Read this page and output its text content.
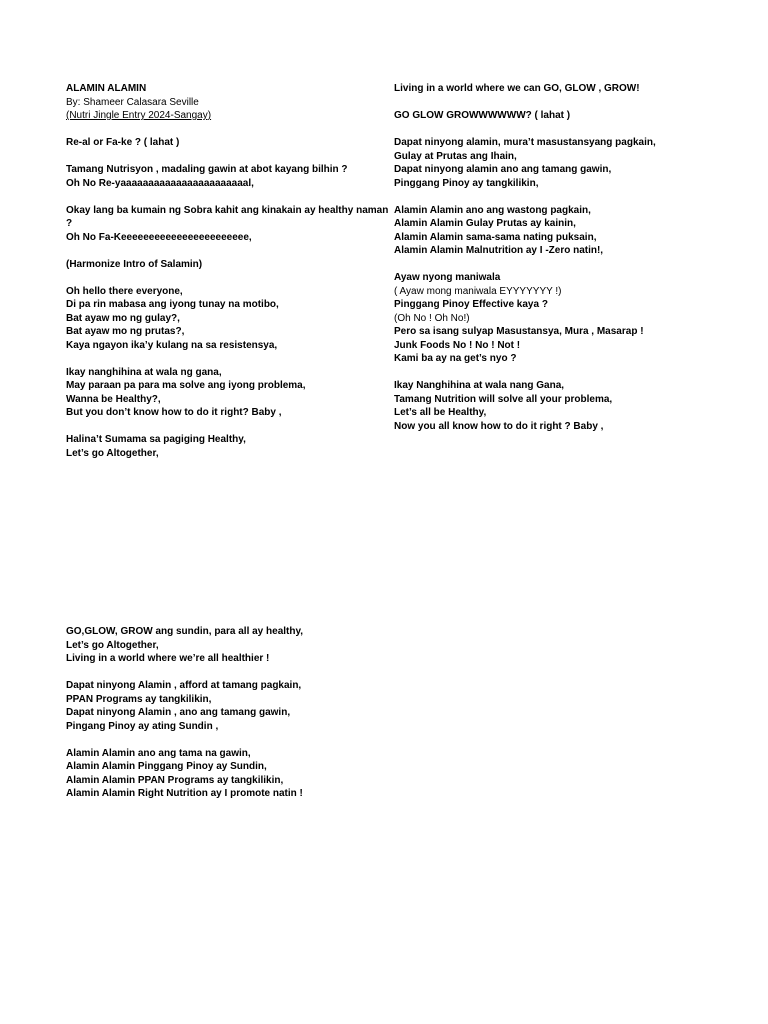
ALAMIN ALAMIN
By: Shameer Calasara Seville
(Nutri Jingle Entry 2024-Sangay)
Re-al or Fa-ke ? ( lahat )
Tamang Nutrisyon , madaling gawin at abot kayang bilhin ?
Oh No Re-yaaaaaaaaaaaaaaaaaaaaaaal,
Okay lang ba kumain ng Sobra kahit ang kinakain ay healthy naman
?
Oh No Fa-Keeeeeeeeeeeeeeeeeeeeeee,
(Harmonize Intro of Salamin)
Oh hello there everyone,
Di pa rin mabasa ang iyong tunay na motibo,
Bat ayaw mo ng gulay?,
Bat ayaw mo ng prutas?,
Kaya ngayon ika’y kulang na sa resistensya,
Ikay nanghihina at wala ng gana,
May paraan pa para ma solve ang iyong problema,
Wanna be Healthy?,
But you don’t know how to do it right? Baby ,
Halina’t Sumama sa pagiging Healthy,
Let’s go Altogether,
Living in a world where we can GO, GLOW , GROW!
GO GLOW GROWWWWWW? ( lahat )
Dapat ninyong alamin, mura’t masustansyang pagkain,
Gulay at Prutas ang Ihain,
Dapat ninyong alamin ano ang tamang gawin,
Pinggang Pinoy ay tangkilikin,
Alamin Alamin ano ang wastong pagkain,
Alamin Alamin Gulay Prutas ay kainin,
Alamin Alamin sama-sama nating puksain,
Alamin Alamin Malnutrition ay I -Zero natin!,
Ayaw nyong maniwala
( Ayaw mong maniwala EYYYYYYY !)
Pinggang Pinoy Effective kaya ?
(Oh No ! Oh No!)
Pero sa isang sulyap Masustansya, Mura , Masarap !
Junk Foods No ! No ! Not !
Kami ba ay na get’s nyo ?
Ikay Nanghihina at wala nang Gana,
Tamang Nutrition will solve all your problema,
Let’s all be Healthy,
Now you all know how to do it right ? Baby ,
GO,GLOW, GROW ang sundin, para all ay healthy,
Let’s go Altogether,
Living in a world where we’re all healthier !
Dapat ninyong Alamin , afford at tamang pagkain,
PPAN Programs ay tangkilikin,
Dapat ninyong Alamin , ano ang tamang gawin,
Pingang Pinoy ay ating Sundin ,
Alamin Alamin ano ang tama na gawin,
Alamin Alamin Pinggang Pinoy ay Sundin,
Alamin Alamin PPAN Programs ay tangkilikin,
Alamin Alamin Right Nutrition ay I promote natin !
